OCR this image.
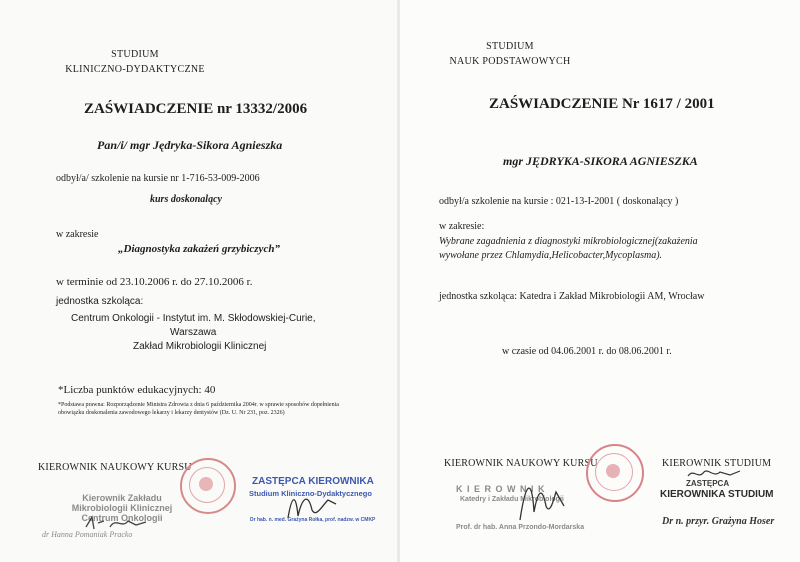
STUDIUM
KLINICZNO-DYDAKTYCZNE
ZAŚWIADCZENIE nr 13332/2006
Pan/i/ mgr Jędryka-Sikora Agnieszka
odbył/a/ szkolenie na kursie nr 1-716-53-009-2006
kurs doskonalący
w zakresie
„Diagnostyka zakażeń grzybiczych”
w terminie od 23.10.2006 r. do 27.10.2006 r.
jednostka szkoląca:
Centrum Onkologii - Instytut im. M. Skłodowskiej-Curie,
Warszawa
Zakład Mikrobiologii Klinicznej
*Liczba punktów edukacyjnych: 40
*Podstawa prawna: Rozporządzenie Ministra Zdrowia z dnia 6 października 2004r. w sprawie sposobów dopełnienia obowiązku doskonalenia zawodowego lekarzy i lekarzy dentystów (Dz. U. Nr 231, poz. 2326)
KIEROWNIK NAUKOWY KURSU
Kierownik Zakładu
Mikrobiologii Klinicznej
Centrum Onkologii
dr Hanna Pomaniak Pracko
ZASTĘPCA KIEROWNIKA
Studium Kliniczno-Dydaktycznego
Dr hab. n. med. Grażyna Rołka, prof. nadzw. w CMKP
STUDIUM
NAUK PODSTAWOWYCH
ZAŚWIADCZENIE Nr 1617 / 2001
mgr JĘDRYKA-SIKORA AGNIESZKA
odbył/a szkolenie na kursie : 021-13-I-2001 ( doskonalący )
w zakresie:
Wybrane zagadnienia z diagnostyki mikrobiologicznej(zakażenia
wywołane przez Chlamydia,Helicobacter,Mycoplasma).
jednostka szkoląca: Katedra i Zakład Mikrobiologii AM, Wrocław
w czasie od 04.06.2001 r. do 08.06.2001 r.
KIEROWNIK NAUKOWY KURSU	KIEROWNIK STUDIUM
K I E R O W N I K
Katedry i Zakładu Mikrobiologii
Prof. dr hab. Anna Przondo-Mordarska
ZASTĘPCA
KIEROWNIKA STUDIUM
Dr n. przyr. Grażyna Hoser
